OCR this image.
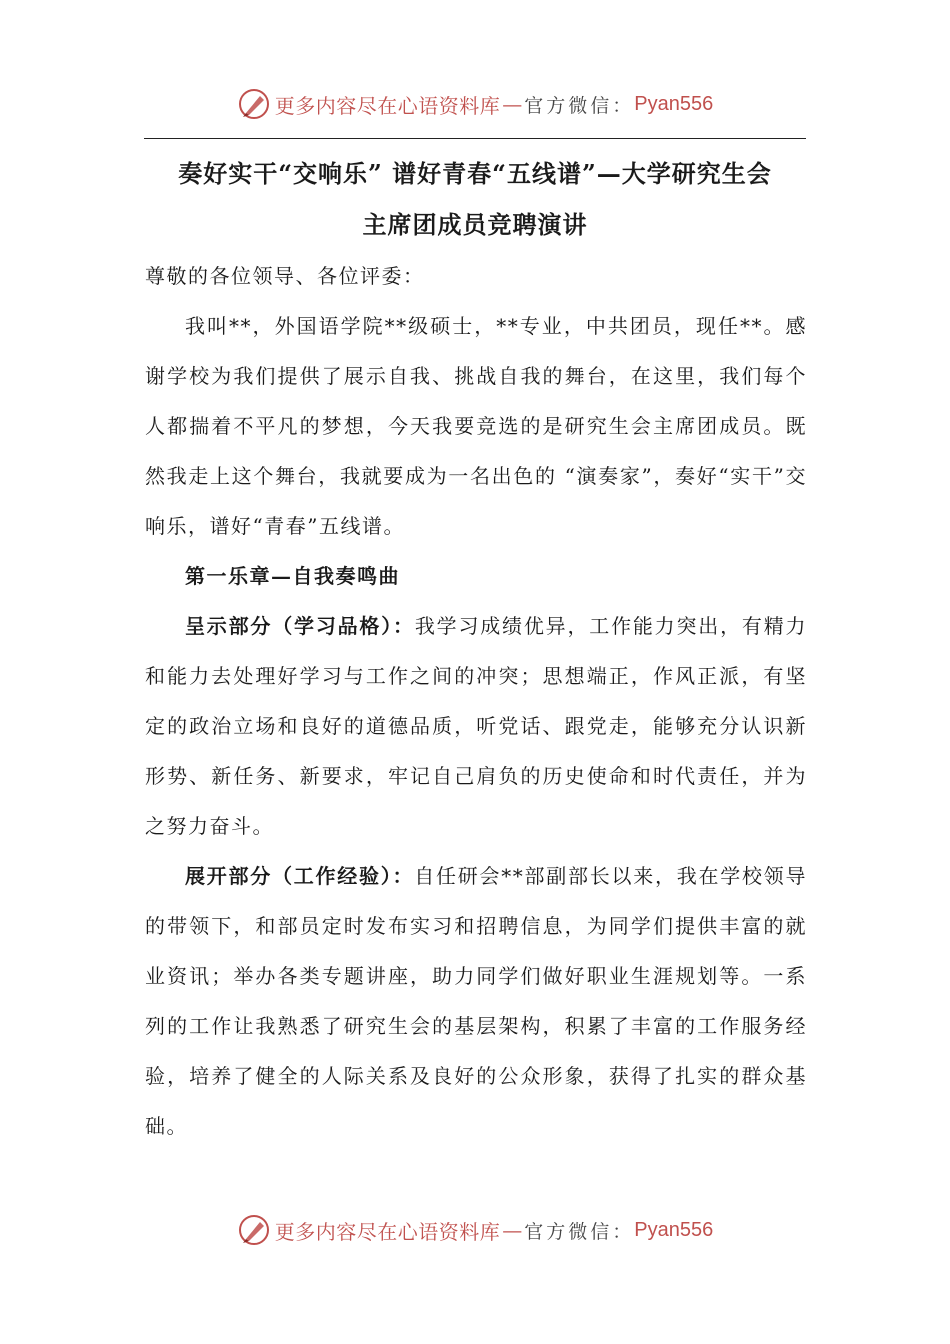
更多内容尽在心语资料库 — 官方微信： Pyan556
奏好实干“交响乐” 谱好青春“五线谱”—大学研究生会
主席团成员竞聘演讲

尊敬的各位领导、各位评委：

我叫**，外国语学院**级硕士，**专业，中共团员，现任**。感谢学校为我们提供了展示自我、挑战自我的舞台，在这里，我们每个人都揣着不平凡的梦想，今天我要竞选的是研究生会主席团成员。既然我走上这个舞台，我就要成为一名出色的 “演奏家”，奏好“实干”交响乐，谱好“青春”五线谱。

第一乐章—自我奏鸣曲

呈示部分（学习品格）：我学习成绩优异，工作能力突出，有精力和能力去处理好学习与工作之间的冲突；思想端正，作风正派，有坚定的政治立场和良好的道德品质，听党话、跟党走，能够充分认识新形势、新任务、新要求，牢记自己肩负的历史使命和时代责任，并为之努力奋斗。

展开部分（工作经验）：自任研会**部副部长以来，我在学校领导的带领下，和部员定时发布实习和招聘信息，为同学们提供丰富的就业资讯；举办各类专题讲座，助力同学们做好职业生涯规划等。一系列的工作让我熟悉了研究生会的基层架构，积累了丰富的工作服务经验，培养了健全的人际关系及良好的公众形象，获得了扎实的群众基础。

更多内容尽在心语资料库 — 官方微信： Pyan556
